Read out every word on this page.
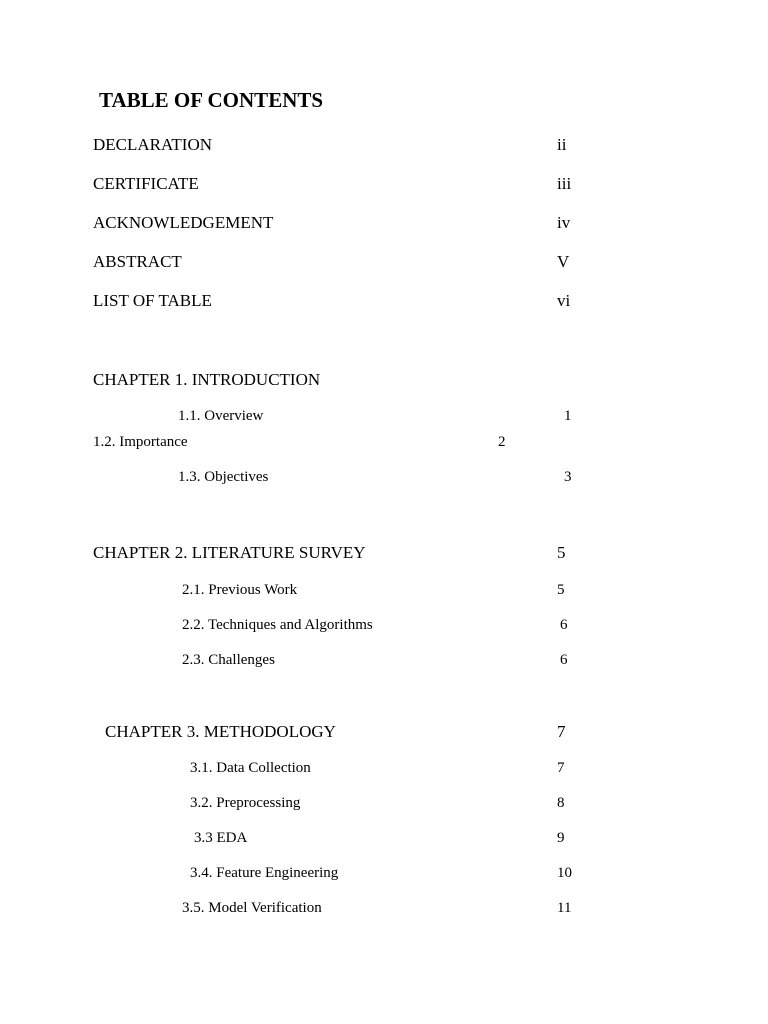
TABLE OF CONTENTS
DECLARATION	ii
CERTIFICATE	iii
ACKNOWLEDGEMENT	iv
ABSTRACT	V
LIST OF TABLE	vi
CHAPTER 1. INTRODUCTION
1.1. Overview	1
1.2. Importance	2
1.3. Objectives	3
CHAPTER 2. LITERATURE SURVEY	5
2.1. Previous Work	5
2.2. Techniques and Algorithms	6
2.3. Challenges	6
CHAPTER 3. METHODOLOGY	7
3.1. Data Collection	7
3.2. Preprocessing	8
3.3 EDA	9
3.4. Feature Engineering	10
3.5. Model Verification	11
